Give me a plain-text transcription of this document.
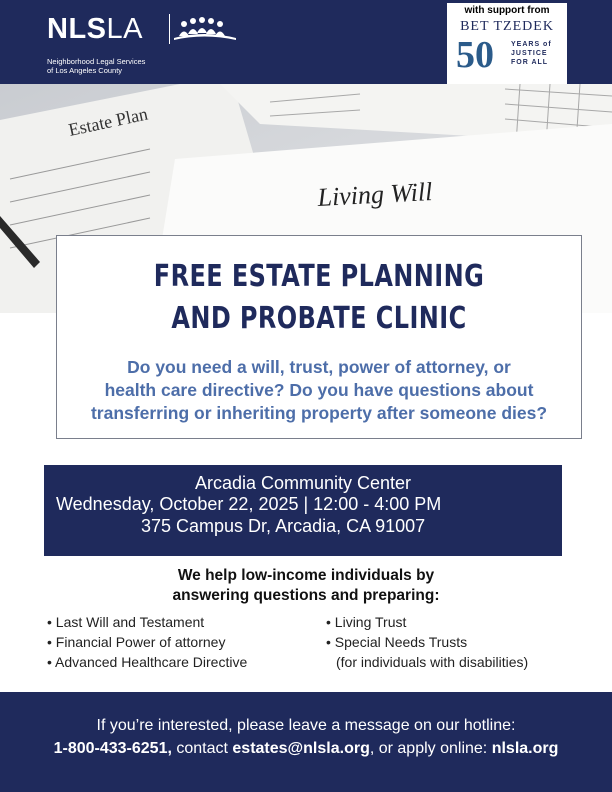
NLSLA
Neighborhood Legal Services
of Los Angeles County
with support from
BET TZEDEK
50 YEARS of
JUSTICE
FOR ALL
Estate Plan
Living Will
FREE ESTATE PLANNING
AND PROBATE CLINIC
Do you need a will, trust, power of attorney, or
health care directive? Do you have questions about
transferring or inheriting property after someone dies?
Arcadia Community Center
Wednesday, October 22, 2025 | 12:00 - 4:00 PM
375 Campus Dr, Arcadia, CA 91007
We help low-income individuals by
answering questions and preparing:
• Last Will and Testament
• Financial Power of attorney
• Advanced Healthcare Directive
• Living Trust
• Special Needs Trusts
(for individuals with disabilities)
If you’re interested, please leave a message on our hotline:
1-800-433-6251, contact estates@nlsla.org, or apply online: nlsla.org
